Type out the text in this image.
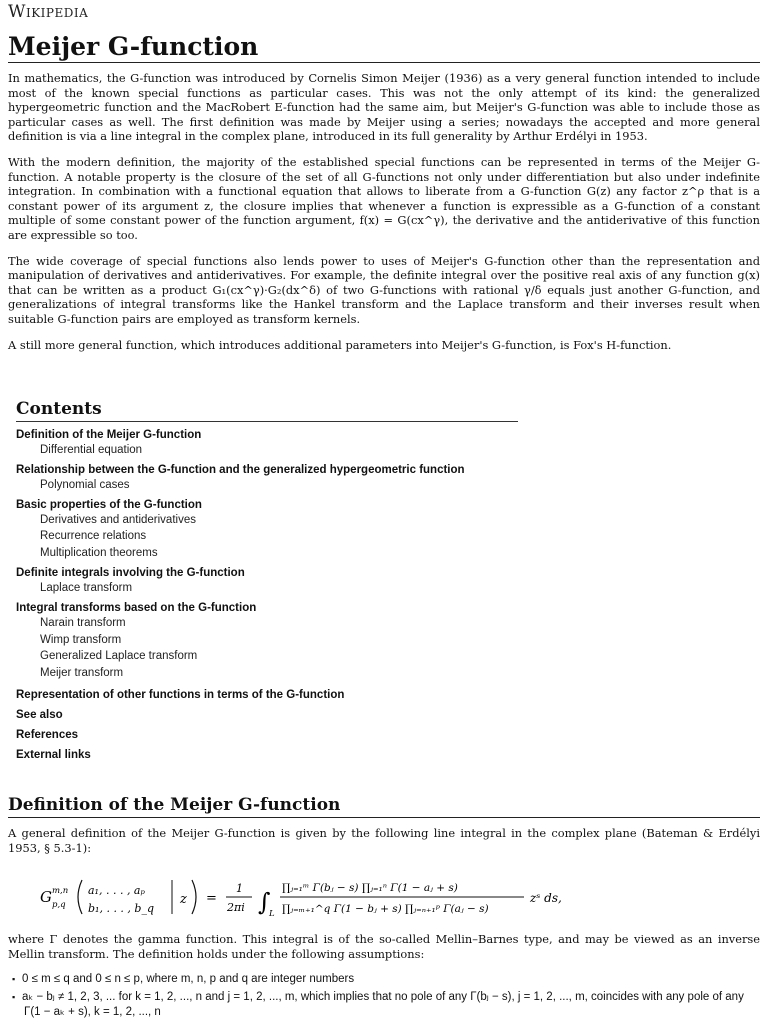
Wikipedia
Meijer G-function

In mathematics, the G-function was introduced by Cornelis Simon Meijer (1936) as a very general function intended to include most of the known special functions as particular cases. This was not the only attempt of its kind: the generalized hypergeometric function and the MacRobert E-function had the same aim, but Meijer's G-function was able to include those as particular cases as well. The first definition was made by Meijer using a series; nowadays the accepted and more general definition is via a line integral in the complex plane, introduced in its full generality by Arthur Erdélyi in 1953.

With the modern definition, the majority of the established special functions can be represented in terms of the Meijer G-function. A notable property is the closure of the set of all G-functions not only under differentiation but also under indefinite integration. In combination with a functional equation that allows to liberate from a G-function G(z) any factor z^ρ that is a constant power of its argument z, the closure implies that whenever a function is expressible as a G-function of a constant multiple of some constant power of the function argument, f(x) = G(cx^γ), the derivative and the antiderivative of this function are expressible so too.

The wide coverage of special functions also lends power to uses of Meijer's G-function other than the representation and manipulation of derivatives and antiderivatives. For example, the definite integral over the positive real axis of any function g(x) that can be written as a product G₁(cx^γ)·G₂(dx^δ) of two G-functions with rational γ/δ equals just another G-function, and generalizations of integral transforms like the Hankel transform and the Laplace transform and their inverses result when suitable G-function pairs are employed as transform kernels.

A still more general function, which introduces additional parameters into Meijer's G-function, is Fox's H-function.

Contents
Definition of the Meijer G-function
Differential equation
Relationship between the G-function and the generalized hypergeometric function
Polynomial cases
Basic properties of the G-function
Derivatives and antiderivatives
Recurrence relations
Multiplication theorems
Definite integrals involving the G-function
Laplace transform
Integral transforms based on the G-function
Narain transform
Wimp transform
Generalized Laplace transform
Meijer transform
Representation of other functions in terms of the G-function
See also
References
External links
Definition of the Meijer G-function

A general definition of the Meijer G-function is given by the following line integral in the complex plane (Bateman & Erdélyi 1953, § 5.3-1):

G m,n
p,q
a₁, . . . , aₚ
b₁, . . . , b_q
z =
1
2πi ∫
L
∏ⱼ₌₁ᵐ Γ(bⱼ − s) ∏ⱼ₌₁ⁿ Γ(1 − aⱼ + s)
∏ⱼ₌ₘ₊₁^q Γ(1 − bⱼ + s) ∏ⱼ₌ₙ₊₁ᵖ Γ(aⱼ − s)
zˢ ds,

where Γ denotes the gamma function. This integral is of the so-called Mellin–Barnes type, and may be viewed as an inverse Mellin transform. The definition holds under the following assumptions:

▪ 0 ≤ m ≤ q and 0 ≤ n ≤ p, where m, n, p and q are integer numbers
▪ aₖ − bⱼ ≠ 1, 2, 3, ... for k = 1, 2, ..., n and j = 1, 2, ..., m, which implies that no pole of any Γ(bⱼ − s), j = 1, 2, ..., m, coincides with any pole of any Γ(1 − aₖ + s), k = 1, 2, ..., n
